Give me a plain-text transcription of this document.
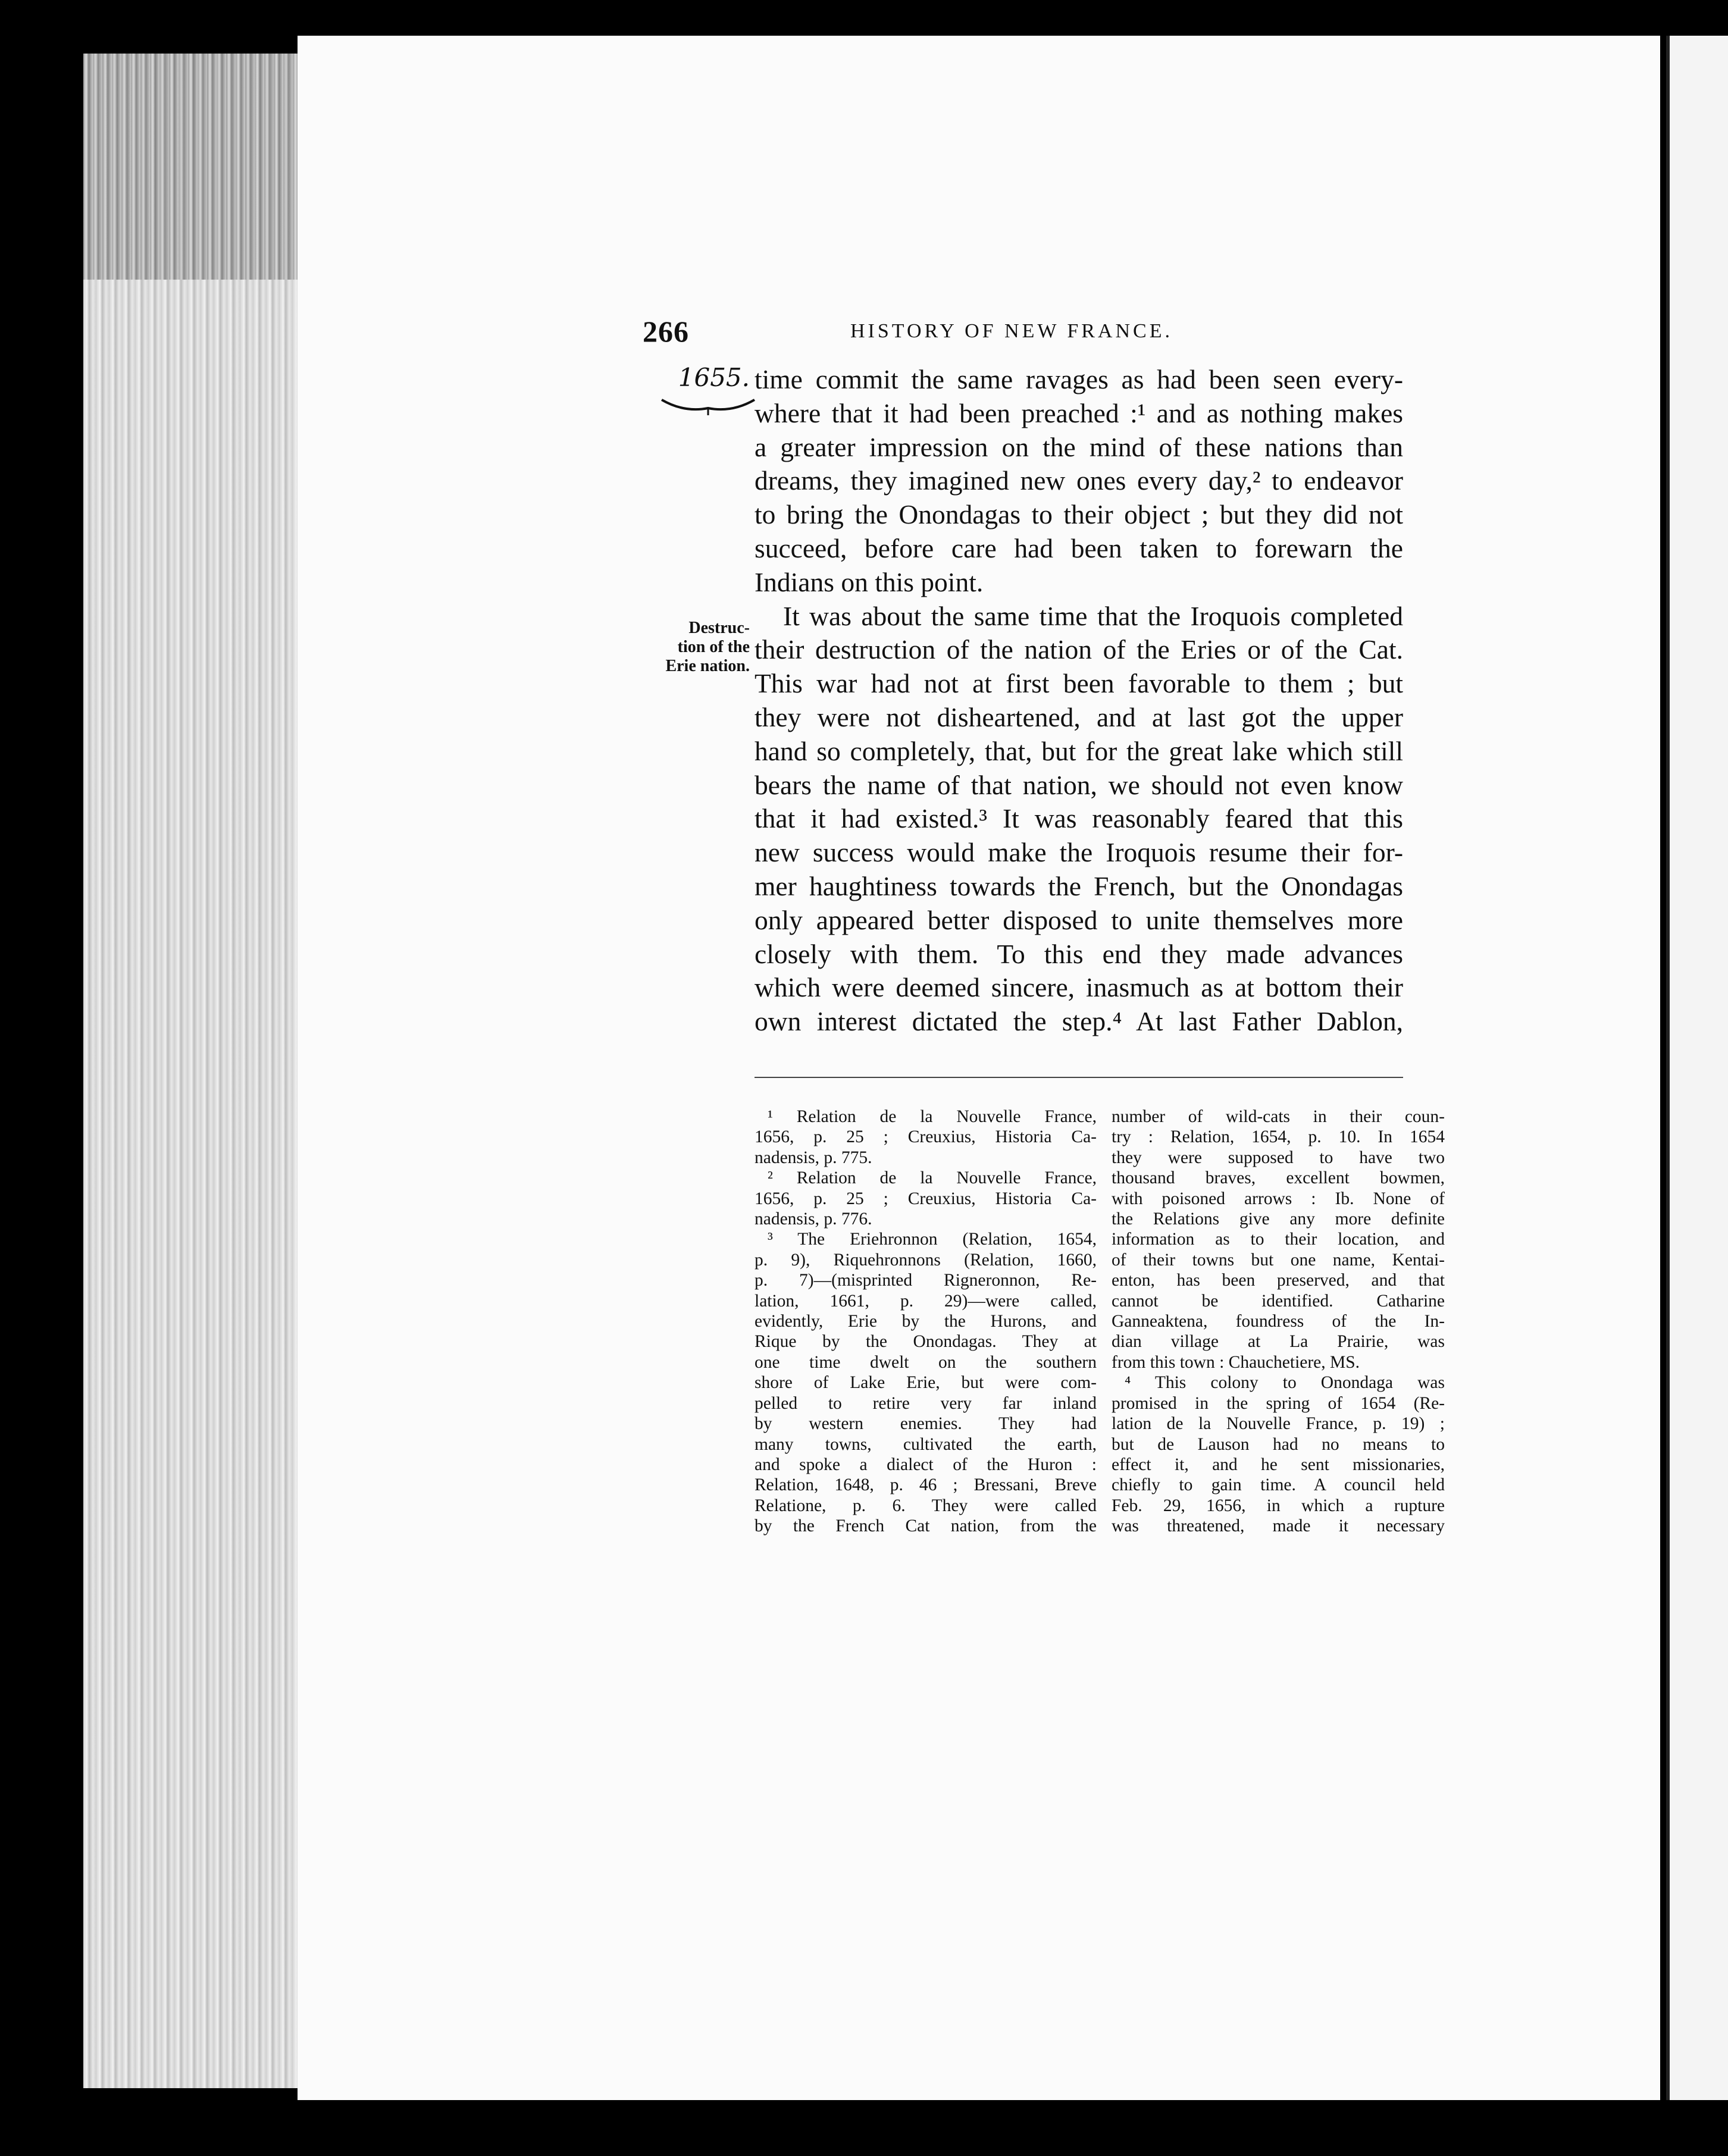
266	HISTORY OF NEW FRANCE.
1655.
Destruc-
tion of the
Erie nation.

time commit the same ravages as had been seen every-

where that it had been preached :¹ and as nothing makes

a greater impression on the mind of these nations than

dreams, they imagined new ones every day,² to endeavor

to bring the Onondagas to their object ; but they did not

succeed, before care had been taken to forewarn the

Indians on this point.

It was about the same time that the Iroquois completed

their destruction of the nation of the Eries or of the Cat.

This war had not at first been favorable to them ; but

they were not disheartened, and at last got the upper

hand so completely, that, but for the great lake which still

bears the name of that nation, we should not even know

that it had existed.³ It was reasonably feared that this

new success would make the Iroquois resume their for-

mer haughtiness towards the French, but the Onondagas

only appeared better disposed to unite themselves more

closely with them. To this end they made advances

which were deemed sincere, inasmuch as at bottom their

own interest dictated the step.⁴ At last Father Dablon,

¹ Relation de la Nouvelle France,
1656, p. 25 ; Creuxius, Historia Ca-
nadensis, p. 775.
² Relation de la Nouvelle France,
1656, p. 25 ; Creuxius, Historia Ca-
nadensis, p. 776.
³ The Eriehronnon (Relation, 1654,
p. 9), Riquehronnons (Relation, 1660,
p. 7)—(misprinted Rigneronnon, Re-
lation, 1661, p. 29)—were called,
evidently, Erie by the Hurons, and
Rique by the Onondagas. They at
one time dwelt on the southern
shore of Lake Erie, but were com-
pelled to retire very far inland
by western enemies. They had
many towns, cultivated the earth,
and spoke a dialect of the Huron :
Relation, 1648, p. 46 ; Bressani, Breve
Relatione, p. 6. They were called
by the French Cat nation, from the
number of wild-cats in their coun-
try : Relation, 1654, p. 10. In 1654
they were supposed to have two
thousand braves, excellent bowmen,
with poisoned arrows : Ib. None of
the Relations give any more definite
information as to their location, and
of their towns but one name, Kentai-
enton, has been preserved, and that
cannot be identified. Catharine
Ganneaktena, foundress of the In-
dian village at La Prairie, was
from this town : Chauchetiere, MS.
⁴ This colony to Onondaga was
promised in the spring of 1654 (Re-
lation de la Nouvelle France, p. 19) ;
but de Lauson had no means to
effect it, and he sent missionaries,
chiefly to gain time. A council held
Feb. 29, 1656, in which a rupture
was threatened, made it necessary
